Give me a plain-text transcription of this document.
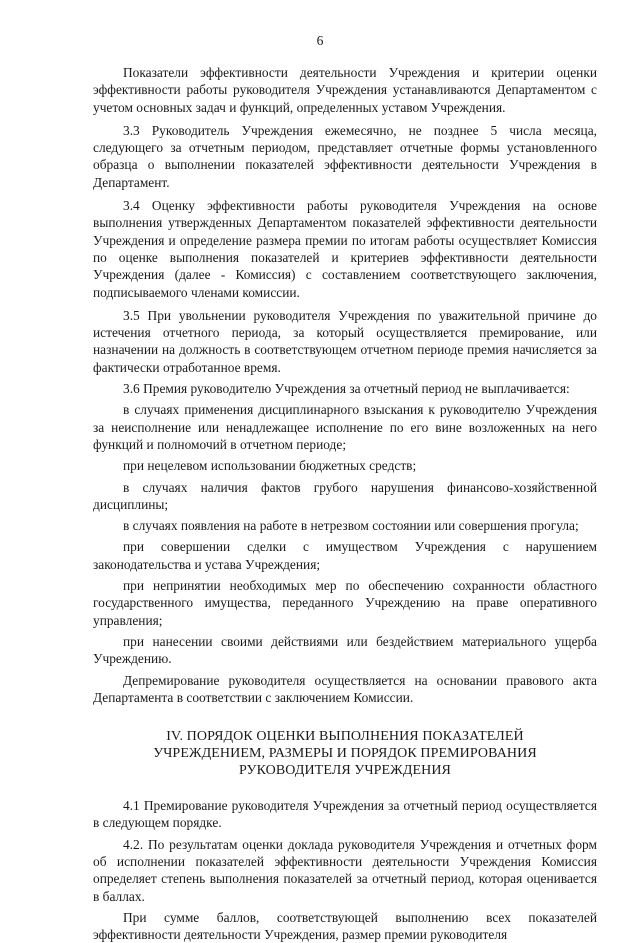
6

Показатели эффективности деятельности Учреждения и критерии оценки эффективности работы руководителя Учреждения устанавливаются Департаментом с учетом основных задач и функций, определенных уставом Учреждения.

3.3 Руководитель Учреждения ежемесячно, не позднее 5 числа месяца, следующего за отчетным периодом, представляет отчетные формы установленного образца о выполнении показателей эффективности деятельности Учреждения в Департамент.

3.4 Оценку эффективности работы руководителя Учреждения на основе выполнения утвержденных Департаментом показателей эффективности деятельности Учреждения и определение размера премии по итогам работы осуществляет Комиссия по оценке выполнения показателей и критериев эффективности деятельности Учреждения (далее - Комиссия) с составлением соответствующего заключения, подписываемого членами комиссии.

3.5 При увольнении руководителя Учреждения по уважительной причине до истечения отчетного периода, за который осуществляется премирование, или назначении на должность в соответствующем отчетном периоде премия начисляется за фактически отработанное время.

3.6 Премия руководителю Учреждения за отчетный период не выплачивается:

в случаях применения дисциплинарного взыскания к руководителю Учреждения за неисполнение или ненадлежащее исполнение по его вине возложенных на него функций и полномочий в отчетном периоде;

при нецелевом использовании бюджетных средств;

в случаях наличия фактов грубого нарушения финансово-хозяйственной дисциплины;

в случаях появления на работе в нетрезвом состоянии или совершения прогула;

при совершении сделки с имуществом Учреждения с нарушением законодательства и устава Учреждения;

при непринятии необходимых мер по обеспечению сохранности областного государственного имущества, переданного Учреждению на праве оперативного управления;

при нанесении своими действиями или бездействием материального ущерба Учреждению.

Депремирование руководителя осуществляется на основании правового акта Департамента в соответствии с заключением Комиссии.

IV. ПОРЯДОК ОЦЕНКИ ВЫПОЛНЕНИЯ ПОКАЗАТЕЛЕЙ
УЧРЕЖДЕНИЕМ, РАЗМЕРЫ И ПОРЯДОК ПРЕМИРОВАНИЯ
РУКОВОДИТЕЛЯ УЧРЕЖДЕНИЯ

4.1 Премирование руководителя Учреждения за отчетный период осуществляется в следующем порядке.

4.2. По результатам оценки доклада руководителя Учреждения и отчетных форм об исполнении показателей эффективности деятельности Учреждения Комиссия определяет степень выполнения показателей за отчетный период, которая оценивается в баллах.

При сумме баллов, соответствующей выполнению всех показателей эффективности деятельности Учреждения, размер премии руководителя
